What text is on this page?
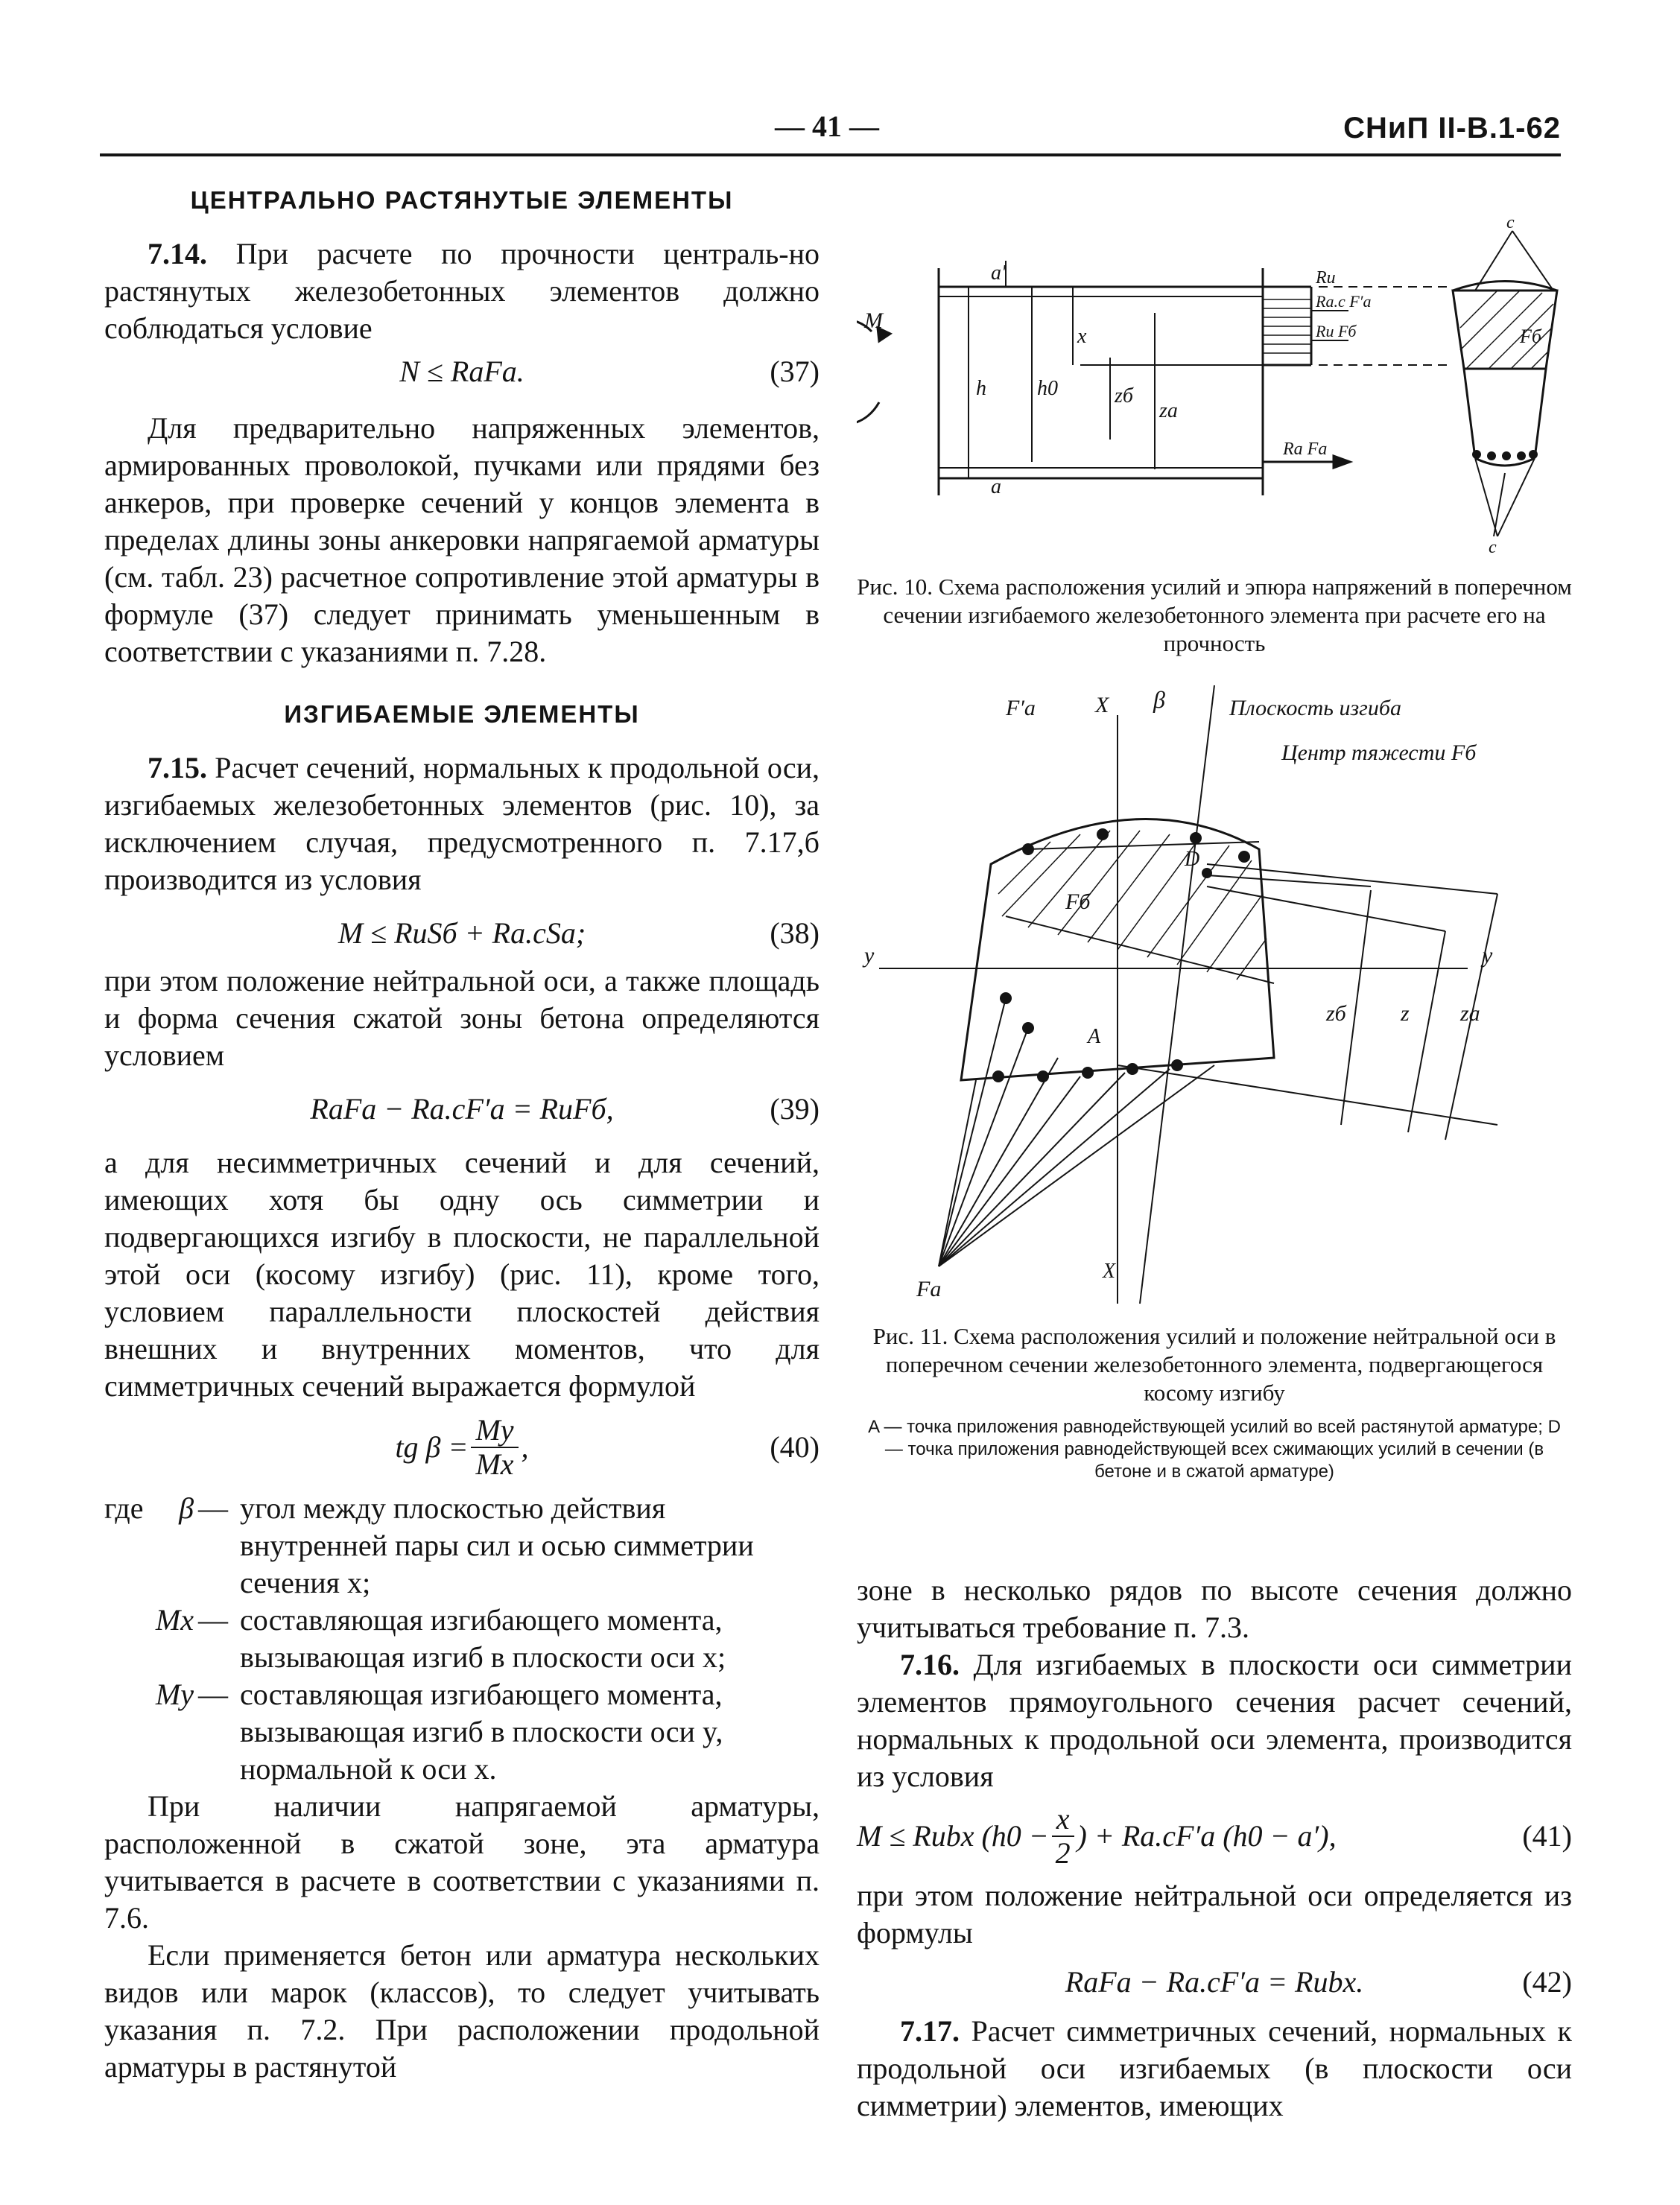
— 41 —	СНиП II-В.1-62
ЦЕНТРАЛЬНО РАСТЯНУТЫЕ ЭЛЕМЕНТЫ

7.14. При расчете по прочности централь-но растянутых железобетонных элементов должно соблюдаться условие

N ≤ RaFa.	(37)

Для предварительно напряженных элементов, армированных проволокой, пучками или прядями без анкеров, при проверке сечений у концов элемента в пределах длины зоны анкеровки напрягаемой арматуры (см. табл. 23) расчетное сопротивление этой арматуры в формуле (37) следует принимать уменьшенным в соответствии с указаниями п. 7.28.

ИЗГИБАЕМЫЕ ЭЛЕМЕНТЫ

7.15. Расчет сечений, нормальных к продольной оси, изгибаемых железобетонных элементов (рис. 10), за исключением случая, предусмотренного п. 7.17,б производится из условия

M ≤ RиSб + Ra.cSa;	(38)

при этом положение нейтральной оси, а также площадь и форма сечения сжатой зоны бетона определяются условием

RaFa − Ra.cF′a = RиFб,	(39)

а для несимметричных сечений и для сечений, имеющих хотя бы одну ось симметрии и подвергающихся изгибу в плоскости, не параллельной этой оси (косому изгибу) (рис. 11), кроме того, условием параллельности плоскостей действия внешних и внутренних моментов, что для симметричных сечений выражается формулой

tg $\beta = \frac{My}{Mx}$ ,	(40)
где	β — угол между плоскостью действия внутренней пары сил и осью симметрии сечения x;
Mx — составляющая изгибающего момента, вызывающая изгиб в плоскости оси x;
My — составляющая изгибающего момента, вызывающая изгиб в плоскости оси y, нормальной к оси x.

При наличии напрягаемой арматуры, расположенной в сжатой зоне, эта арматура учитывается в расчете в соответствии с указаниями п. 7.6.

Если применяется бетон или арматура нескольких видов или марок (классов), то следует учитывать указания п. 7.2. При расположении продольной арматуры в растянутой

M
a′
h h0
x
zб
za
a
Rи
Ra.c F′a
Rи Fб
Ra Fa
Fб
c
c

Рис. 10. Схема расположения усилий и эпюра напряжений в поперечном сечении изгибаемого железобетонного элемента при расчете его на прочность

Плоскость изгиба
Центр тяжести Fб
F′a	X β
D
Fб
y	y
zб z za
A
Fa
X

Рис. 11. Схема расположения усилий и положение нейтральной оси в поперечном сечении железобетонного элемента, подвергающегося косому изгибу

A — точка приложения равнодействующей усилий во всей растянутой арматуре; D — точка приложения равнодействующей всех сжимающих усилий в сечении (в бетоне и в сжатой арматуре)

зоне в несколько рядов по высоте сечения должно учитываться требование п. 7.3.

7.16. Для изгибаемых в плоскости оси симметрии элементов прямоугольного сечения расчет сечений, нормальных к продольной оси элемента, производится из условия

M ≤ Rиbx ($h0 - \frac{x}{2}$ ) + Ra.cF′a (h0 − a′),	(41)

при этом положение нейтральной оси определяется из формулы

RaFa − Ra.cF′a = Rиbx.	(42)

7.17. Расчет симметричных сечений, нормальных к продольной оси изгибаемых (в плоскости оси симметрии) элементов, имеющих
